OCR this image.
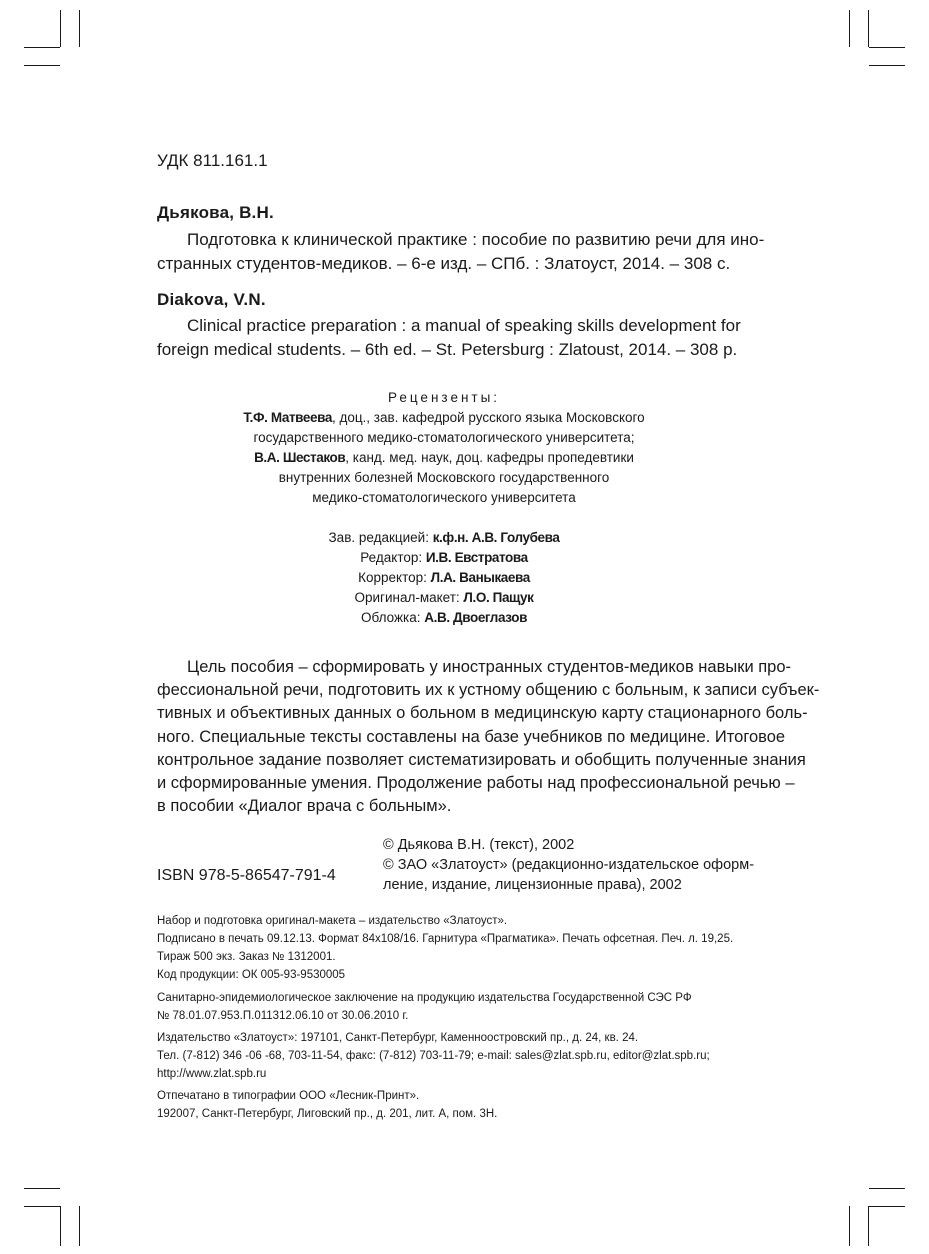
УДК 811.161.1
Дьякова, В.Н.
Подготовка к клинической практике : пособие по развитию речи для ино-
странных студентов-медиков. – 6-е изд. – СПб. : Златоуст, 2014. – 308 с.
Diakova, V.N.
Clinical practice preparation : a manual of speaking skills development for
foreign medical students. – 6th ed. – St. Petersburg : Zlatoust, 2014. – 308 p.
Рецензенты:
Т.Ф. Матвеева, доц., зав. кафедрой русского языка Московского
государственного медико-стоматологического университета;
В.А. Шестаков, канд. мед. наук, доц. кафедры пропедевтики
внутренних болезней Московского государственного
медико-стоматологического университета
Зав. редакцией: к.ф.н. А.В. Голубева
Редактор: И.В. Евстратова
Корректор: Л.А. Ваныкаева
Оригинал-макет: Л.О. Пащук
Обложка: А.В. Двоеглазов
Цель пособия – сформировать у иностранных студентов-медиков навыки про-
фессиональной речи, подготовить их к устному общению с больным, к записи субъек-
тивных и объективных данных о больном в медицинскую карту стационарного боль-
ного. Специальные тексты составлены на базе учебников по медицине. Итоговое
контрольное задание позволяет систематизировать и обобщить полученные знания
и сформированные умения. Продолжение работы над профессиональной речью –
в пособии «Диалог врача с больным».
ISBN 978-5-86547-791-4
© Дьякова В.Н. (текст), 2002
© ЗАО «Златоуст» (редакционно-издательское оформ-
ление, издание, лицензионные права), 2002
Набор и подготовка оригинал-макета – издательство «Златоуст».
Подписано в печать 09.12.13. Формат 84x108/16. Гарнитура «Прагматика». Печать офсетная. Печ. л. 19,25.
Тираж 500 экз. Заказ № 1312001.
Код продукции: ОК 005-93-9530005
Санитарно-эпидемиологическое заключение на продукцию издательства Государственной СЭС РФ
№ 78.01.07.953.П.011312.06.10 от 30.06.2010 г.
Издательство «Златоуст»: 197101, Санкт-Петербург, Каменноостровский пр., д. 24, кв. 24.
Тел. (7-812) 346 -06 -68, 703-11-54, факс: (7-812) 703-11-79; e-mail: sales@zlat.spb.ru, editor@zlat.spb.ru;
http://www.zlat.spb.ru
Отпечатано в типографии ООО «Лесник-Принт».
192007, Санкт-Петербург, Лиговский пр., д. 201, лит. А, пом. 3Н.
